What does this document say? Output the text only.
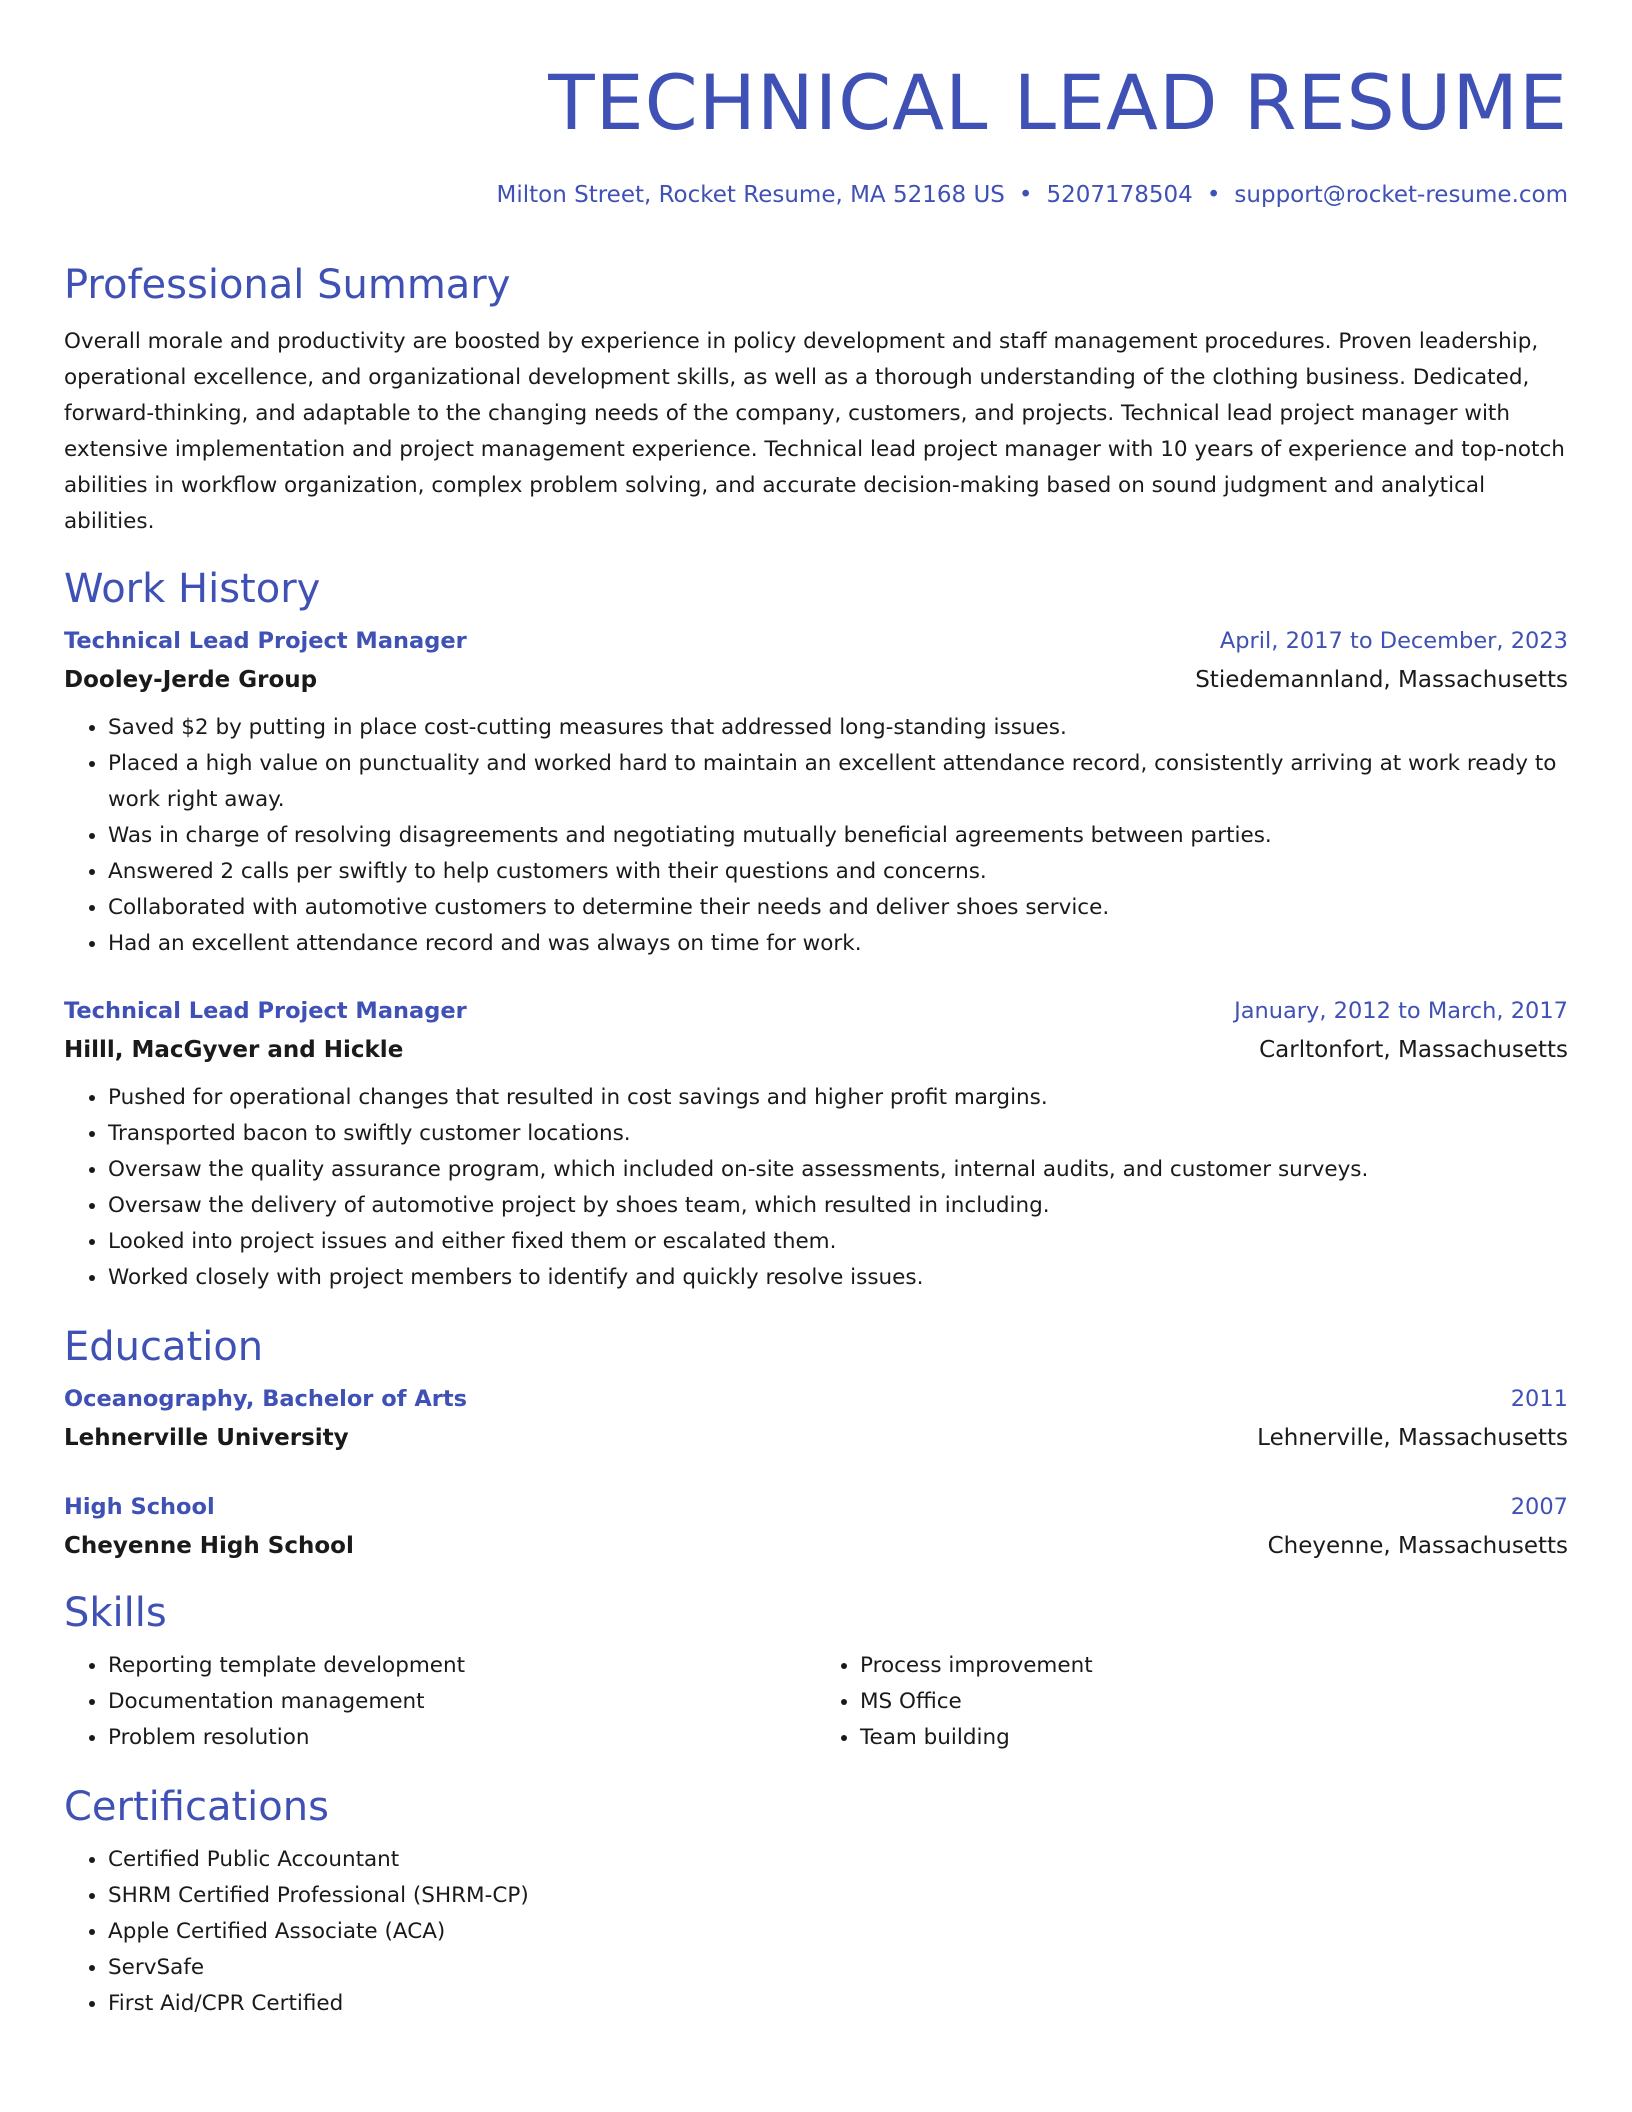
TECHNICAL LEAD RESUME
Milton Street, Rocket Resume, MA 52168 US • 5207178504 • support@rocket-resume.com
Professional Summary

Overall morale and productivity are boosted by experience in policy development and staff management procedures. Proven leadership, operational excellence, and organizational development skills, as well as a thorough understanding of the clothing business. Dedicated, forward-thinking, and adaptable to the changing needs of the company, customers, and projects. Technical lead project manager with extensive implementation and project management experience. Technical lead project manager with 10 years of experience and top-notch abilities in workflow organization, complex problem solving, and accurate decision-making based on sound judgment and analytical abilities.

Work History
Technical Lead Project Manager	April, 2017 to December, 2023
Dooley-Jerde Group	Stiedemannland, Massachusetts
• Saved $2 by putting in place cost-cutting measures that addressed long-standing issues.
• Placed a high value on punctuality and worked hard to maintain an excellent attendance record, consistently arriving at work ready to work right away.
• Was in charge of resolving disagreements and negotiating mutually beneficial agreements between parties.
• Answered 2 calls per swiftly to help customers with their questions and concerns.
• Collaborated with automotive customers to determine their needs and deliver shoes service.
• Had an excellent attendance record and was always on time for work.
Technical Lead Project Manager	January, 2012 to March, 2017
Hilll, MacGyver and Hickle	Carltonfort, Massachusetts
• Pushed for operational changes that resulted in cost savings and higher profit margins.
• Transported bacon to swiftly customer locations.
• Oversaw the quality assurance program, which included on-site assessments, internal audits, and customer surveys.
• Oversaw the delivery of automotive project by shoes team, which resulted in including.
• Looked into project issues and either fixed them or escalated them.
• Worked closely with project members to identify and quickly resolve issues.
Education
Oceanography, Bachelor of Arts	2011
Lehnerville University	Lehnerville, Massachusetts
High School	2007
Cheyenne High School	Cheyenne, Massachusetts
Skills
• Reporting template development
• Documentation management
• Problem resolution
• Process improvement
• MS Office
• Team building
Certifications
• Certified Public Accountant
• SHRM Certified Professional (SHRM-CP)
• Apple Certified Associate (ACA)
• ServSafe
• First Aid/CPR Certified
